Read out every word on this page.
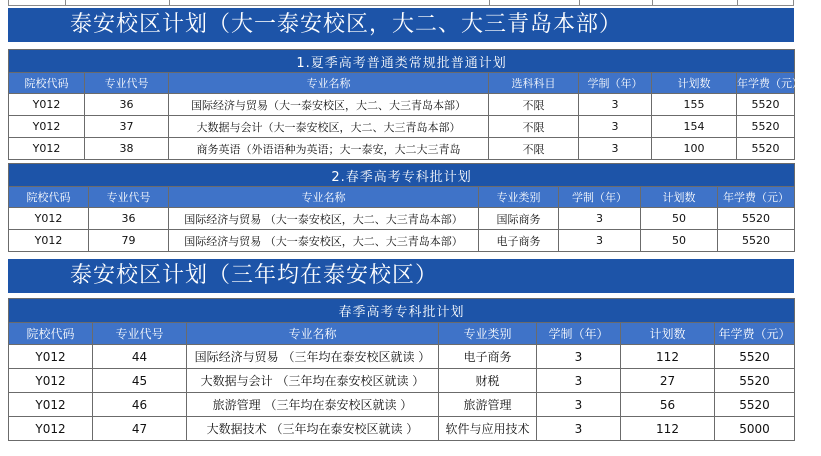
泰安校区计划（大一泰安校区，大二、大三青岛本部）
1.夏季高考普通类常规批普通计划						
院校代码	专业代号	专业名称	选科科目	学制（年）	计划数	年学费（元）
Y012	36	国际经济与贸易（大一泰安校区，大二、大三青岛本部）	不限	3	155	5520
Y012	37	大数据与会计（大一泰安校区，大二、大三青岛本部）	不限	3	154	5520
Y012	38	商务英语（外语语种为英语；大一泰安，大二大三青岛	不限	3	100	5520
2.春季高考专科批计划						
院校代码	专业代号	专业名称	专业类别	学制（年）	计划数	年学费（元）
Y012	36	国际经济与贸易 （大一泰安校区，大二、大三青岛本部）	国际商务	3	50	5520
Y012	79	国际经济与贸易 （大一泰安校区，大二、大三青岛本部）	电子商务	3	50	5520
泰安校区计划（三年均在泰安校区）
春季高考专科批计划						
院校代码	专业代号	专业名称	专业类别	学制（年）	计划数	年学费（元）
Y012	44	国际经济与贸易 （三年均在泰安校区就读 ）	电子商务	3	112	5520
Y012	45	大数据与会计 （三年均在泰安校区就读 ）	财税	3	27	5520
Y012	46	旅游管理 （三年均在泰安校区就读 ）	旅游管理	3	56	5520
Y012	47	大数据技术 （三年均在泰安校区就读 ）	软件与应用技术	3	112	5000
